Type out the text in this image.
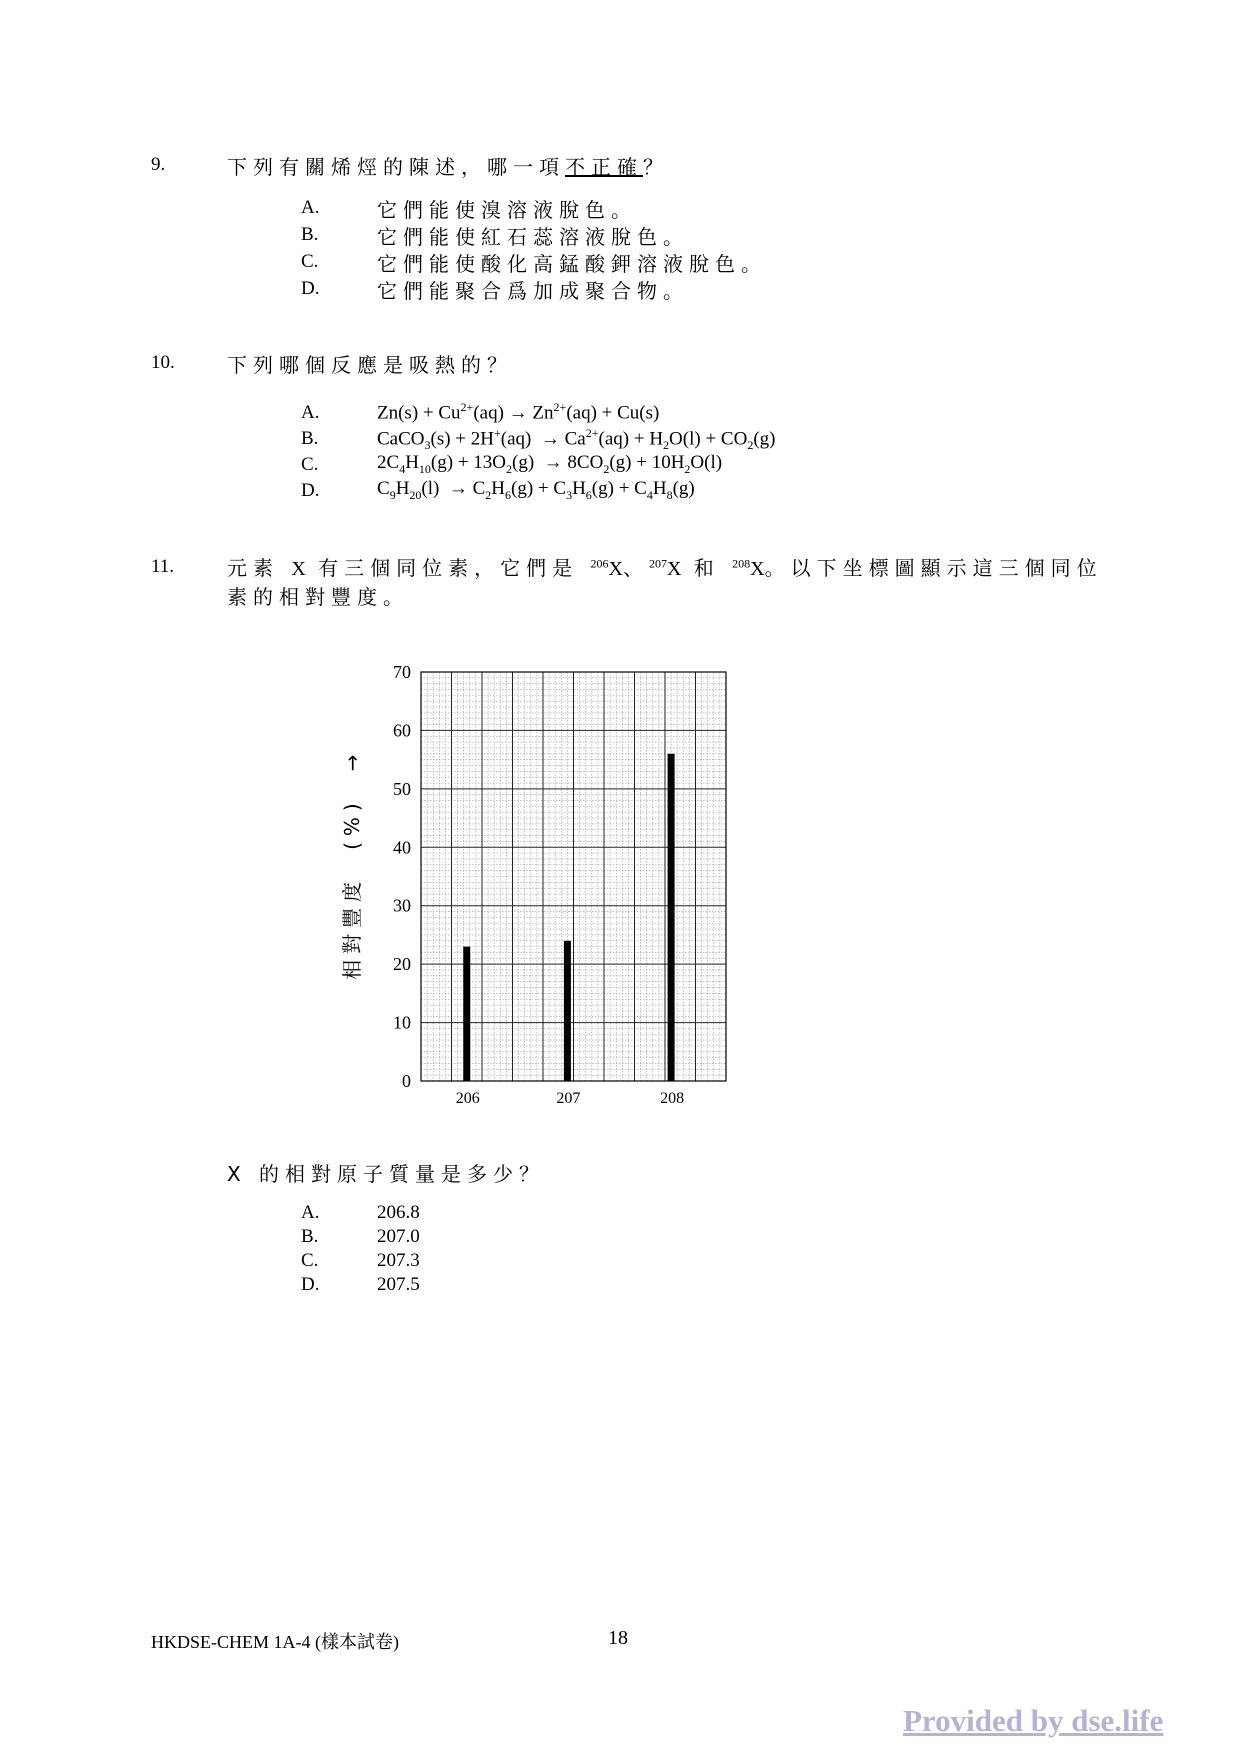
9.	下列有關烯烴的陳述，哪一項不正確？
A.	它們能使溴溶液脫色。
B.	它們能使紅石蕊溶液脫色。
C.	它們能使酸化高錳酸鉀溶液脫色。
D.	它們能聚合爲加成聚合物。
10.	下列哪個反應是吸熱的？
A.	$Zn(s) + Cu^{2+}(aq) \to Zn^{2+}(aq) + Cu(s)$
B.	CaCO$_3$(s) + $2H^+(aq) \to Ca^{2+}(aq) + H_2O(l) + CO_2(g)$
C.	$2C_4H_{10}(g) + 13O_2(g) \to 8CO_2(g) + 10H_2O(l)$
D.	$C_9H_{20}(l) \to C_2H_6(g) + C_3H_6(g) + C_4H_8(g)$
11.	元素 X 有三個同位素，它們是 $^{206}$X、$^{207}$X 和 $^{208}$X。以下坐標圖顯示這三個同位
素的相對豐度。
0
10
20
30
40
50
60
70
206	207	208
相對豐度　(%)　→
X 的相對原子質量是多少？
A.	206.8
B.	207.0
C.	207.3
D.	207.5
HKDSE-CHEM 1A-4 (樣本試卷)	18
Provided by dse.life
